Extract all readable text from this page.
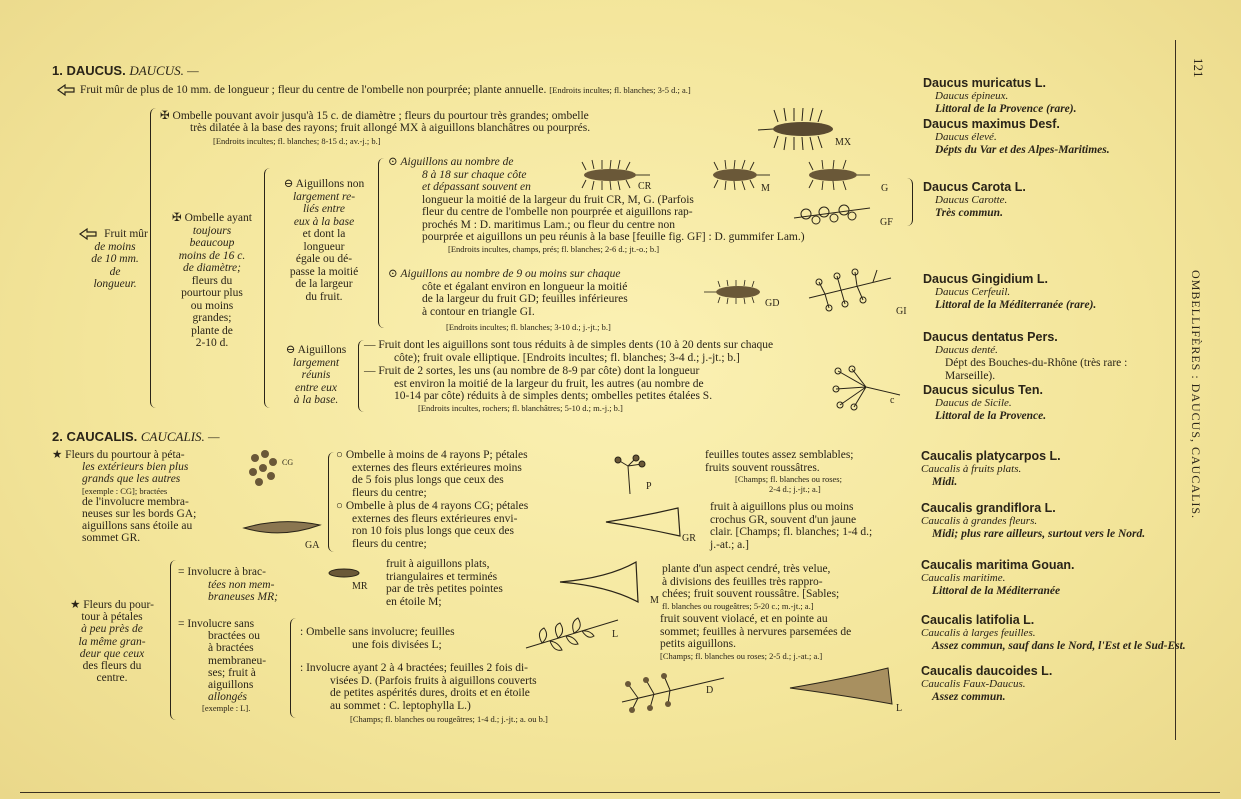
121
OMBELLIFÈRES : DAUCUS, CAUCALIS.
1. DAUCUS. DAUCUS. —
Fruit mûr de plus de 10 mm. de longueur ; fleur du centre de l'ombelle non pourprée; plante annuelle. [Endroits incultes; fl. blanches; 3-5 d.; a.]	Daucus muricatus L.
Daucus épineux.
Littoral de la Provence (rare).
Daucus maximus Desf.
Daucus élevé.
Dépts du Var et des Alpes-Maritimes.
✠ Ombelle pouvant avoir jusqu'à 15 c. de diamètre ; fleurs du pourtour très grandes; ombelle
très dilatée à la base des rayons; fruit allongé MX à aiguillons blanchâtres ou pourprés.
[Endroits incultes; fl. blanches; 8-15 d.; av.-j.; b.]	MX
Fruit mûr
de moins
de 10 mm.
de
longueur.
✠ Ombelle ayant
toujours
beaucoup
moins de 16 c.
de diamètre;
fleurs du
pourtour plus
ou moins
grandes;
plante de
2-10 d.
⊖ Aiguillons non
largement re-
liés entre
eux à la base
et dont la
longueur
égale ou dé-
passe la moitié
de la largeur
du fruit.
⊙ Aiguillons au nombre de
8 à 18 sur chaque côte
et dépassant souvent en
longueur la moitié de la largeur du fruit CR, M, G. (Parfois
fleur du centre de l'ombelle non pourprée et aiguillons rap-
prochés M : D. maritimus Lam.; ou fleur du centre non
pourprée et aiguillons un peu réunis à la base [feuille fig. GF] : D. gummifer Lam.)
[Endroits incultes, champs, prés; fl. blanches; 2-6 d.; jt.-o.; b.]
CR	M	G
GF
Daucus Carota L.
Daucus Carotte.
Très commun.
⊙ Aiguillons au nombre de 9 ou moins sur chaque
côte et égalant environ en longueur la moitié
de la largeur du fruit GD; feuilles inférieures
à contour en triangle GI.
[Endroits incultes; fl. blanches; 3-10 d.; j.-jt.; b.]
GD
GI
Daucus Gingidium L.
Daucus Cerfeuil.
Littoral de la Méditerranée (rare).
⊖ Aiguillons
largement
réunis
entre eux
à la base.
— Fruit dont les aiguillons sont tous réduits à de simples dents (10 à 20 dents sur chaque
côte); fruit ovale elliptique. [Endroits incultes; fl. blanches; 3-4 d.; j.-jt.; b.]
— Fruit de 2 sortes, les uns (au nombre de 8-9 par côte) dont la longueur
est environ la moitié de la largeur du fruit, les autres (au nombre de
10-14 par côte) réduits à de simples dents; ombelles petites étalées S.
[Endroits incultes, rochers; fl. blanchâtres; 5-10 d.; m.-j.; b.]
c
Daucus dentatus Pers.
Daucus denté.
Dépt des Bouches-du-Rhône (très rare : Marseille).
Daucus siculus Ten.
Daucus de Sicile.
Littoral de la Provence.
2. CAUCALIS. CAUCALIS. —
★ Fleurs du pourtour à péta-
les extérieurs bien plus
grands que les autres
[exemple : CG]; bractées
de l'involucre membra-
neuses sur les bords GA;
aiguillons sans étoile au
sommet GR.
CG
GA
○ Ombelle à moins de 4 rayons P; pétales
externes des fleurs extérieures moins
de 5 fois plus longs que ceux des
fleurs du centre;	P
feuilles toutes assez semblables;
fruits souvent roussâtres.
[Champs; fl. blanches ou roses;
2-4 d.; j.-jt.; a.]
Caucalis platycarpos L.
Caucalis à fruits plats.
Midi.
○ Ombelle à plus de 4 rayons CG; pétales
externes des fleurs extérieures envi-
ron 10 fois plus longs que ceux des
fleurs du centre;	GR
fruit à aiguillons plus ou moins
crochus GR, souvent d'un jaune
clair. [Champs; fl. blanches; 1-4 d.;
j.-at.; a.]
Caucalis grandiflora L.
Caucalis à grandes fleurs.
Midi; plus rare ailleurs, surtout vers le Nord.
★ Fleurs du pour-
tour à pétales
à peu près de
la même gran-
deur que ceux
des fleurs du
centre.
= Involucre à brac-
tées non mem-
braneuses MR;
MR
fruit à aiguillons plats,
triangulaires et terminés
par de très petites pointes
en étoile M;	M
plante d'un aspect cendré, très velue,
à divisions des feuilles très rappro-
chées; fruit souvent roussâtre. [Sables;
fl. blanches ou rougeâtres; 5-20 c.; m.-jt.; a.]
Caucalis maritima Gouan.
Caucalis maritime.
Littoral de la Méditerranée
= Involucre sans
bractées ou
à bractées
membraneu-
ses; fruit à
aiguillons
allongés
[exemple : L].
: Ombelle sans involucre; feuilles
une fois divisées L;
L
fruit souvent violacé, et en pointe au
sommet; feuilles à nervures parsemées de
petits aiguillons.
[Champs; fl. blanches ou roses; 2-5 d.; j.-at.; a.]
Caucalis latifolia L.
Caucalis à larges feuilles.
Assez commun, sauf dans le Nord, l'Est et le Sud-Est.
: Involucre ayant 2 à 4 bractées; feuilles 2 fois di-
visées D. (Parfois fruits à aiguillons couverts
de petites aspérités dures, droits et en étoile
au sommet : C. leptophylla L.)
[Champs; fl. blanches ou rougeâtres; 1-4 d.; j.-jt.; a. ou b.]
D
L
Caucalis daucoides L.
Caucalis Faux-Daucus.
Assez commun.
